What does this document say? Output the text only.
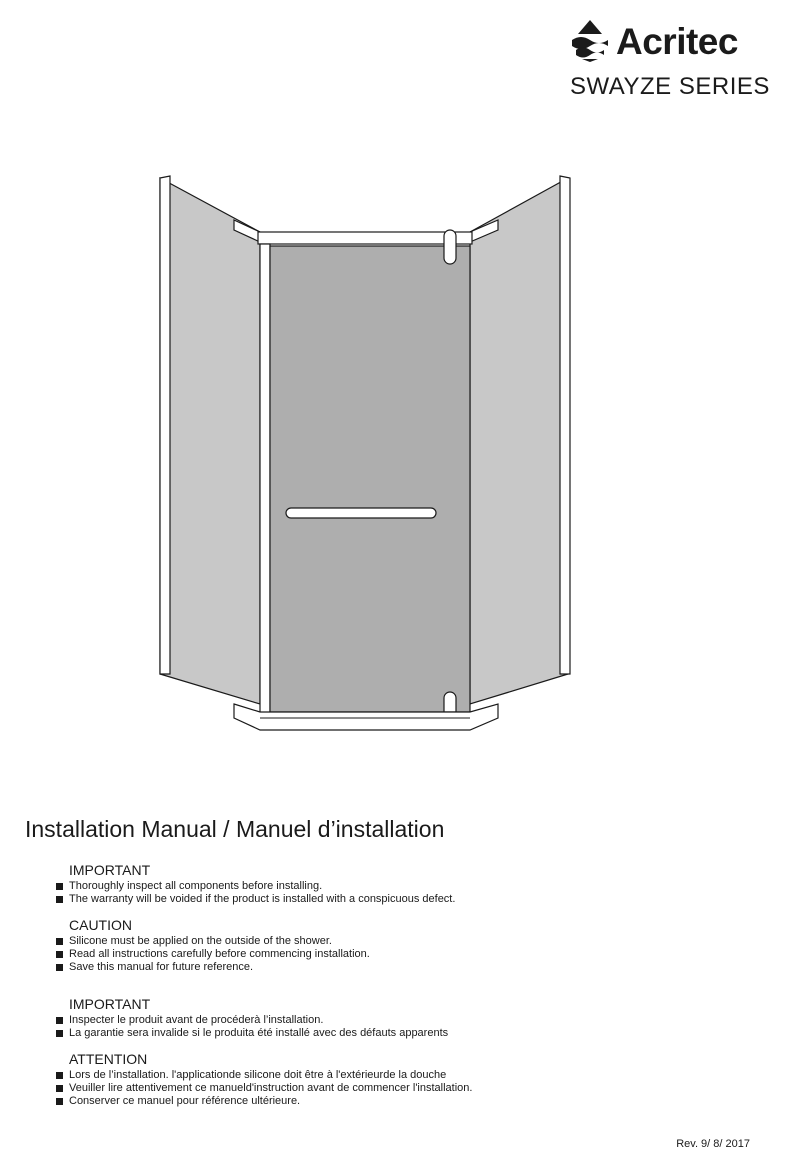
Acritec
SWAYZE SERIES
Installation Manual / Manuel d’installation
IMPORTANT
Thoroughly inspect all components before installing.
The warranty will be voided if the product is installed with a conspicuous defect.
CAUTION
Silicone must be applied on the outside of the shower.
Read all instructions carefully before commencing installation.
Save this manual for future reference.
IMPORTANT
Inspecter le produit avant de procéderà l’installation.
La garantie sera invalide si le produita été installé avec des défauts apparents
ATTENTION
Lors de l’installation. l'applicationde silicone doit être à l'extérieurde la douche
Veuiller lire attentivement ce manueld'instruction avant de commencer l'installation.
Conserver ce manuel pour référence ultérieure.
Rev. 9/ 8/ 2017
